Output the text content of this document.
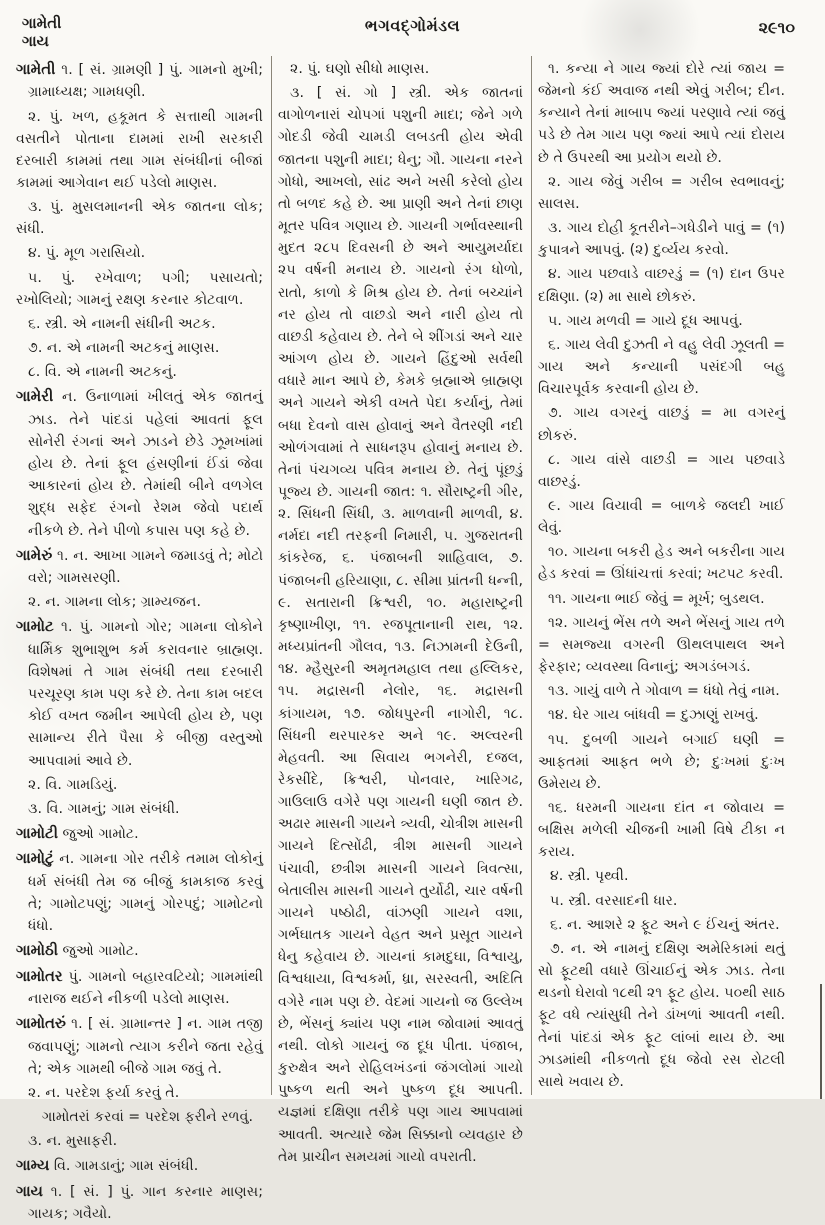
ગામેતી
ગાય
ભગવદ્ગોમંડલ	૨૯૧૦

ગામેતી ૧. [ સં. ગ્રામણી ] પું. ગામનો મુખી; ગ્રામાધ્યક્ષ; ગામધણી.

૨. પું. ખળ, હકૂમત કે સત્તાથી ગામની વસતીને પોતાના દામમાં રાખી સરકારી દરબારી કામમાં તથા ગામ સંબંધીનાં બીજાં કામમાં આગેવાન થઈ પડેલો માણસ.

૩. પું. મુસલમાનની એક જાતના લોક; સંધી.

૪. પું. મૂળ ગરાસિયો.

૫. પું. રખેવાળ; પગી; પસાયતો; રખોલિયો; ગામનું રક્ષણ કરનાર કોટવાળ.

૬. સ્ત્રી. એ નામની સંધીની અટક.

૭. ન. એ નામની અટકનું માણસ.

૮. વિ. એ નામની અટકનું.

ગામેરી ન. ઉનાળામાં ખીલતું એક જાતનું ઝાડ. તેને પાંદડાં પહેલાં આવતાં ફૂલ સોનેરી રંગનાં અને ઝાડને છેડે ઝૂમખાંમાં હોય છે. તેનાં ફૂલ હંસણીનાં ઈંડાં જેવા આકારનાં હોય છે. તેમાંથી બીને વળગેલ શુદ્ધ સફેદ રંગનો રેશમ જેવો પદાર્થ નીકળે છે. તેને પીળો કપાસ પણ કહે છે.

ગામેરું ૧. ન. આખા ગામને જમાડવું તે; મોટો વરો; ગામસરણી.

૨. ન. ગામના લોક; ગ્રામ્યજન.

ગામોટ ૧. પું. ગામનો ગોર; ગામના લોકોને ધાર્મિક શુભાશુભ કર્મ કરાવનાર બ્રાહ્મણ. વિશેષમાં તે ગામ સંબંધી તથા દરબારી પરચૂરણ કામ પણ કરે છે. તેના કામ બદલ કોઈ વખત જમીન આપેલી હોય છે, પણ સામાન્ય રીતે પૈસા કે બીજી વસ્તુઓ આપવામાં આવે છે.

૨. વિ. ગામડિયું.

૩. વિ. ગામનું; ગામ સંબંધી.

ગામોટી જુઓ ગામોટ.

ગામોટું ન. ગામના ગોર તરીકે તમામ લોકોનું ધર્મ સંબંધી તેમ જ બીજું કામકાજ કરવું તે; ગામોટપણું; ગામનું ગોરપદું; ગામોટનો ધંધો.

ગામોઠી જુઓ ગામોટ.

ગામોતર પું. ગામનો બહારવટિયો; ગામમાંથી નારાજ થઈને નીકળી પડેલો માણસ.

ગામોતરું ૧. [ સં. ગ્રામાન્તર ] ન. ગામ તજી જવાપણું; ગામનો ત્યાગ કરીને જતા રહેવું તે; એક ગામથી બીજે ગામ જવું તે.

૨. ન. પરદેશ ફર્યા કરવું તે.

ગામોતરાં કરવાં = પરદેશ ફરીને રળવું.

૩. ન. મુસાફરી.

ગામ્ય વિ. ગામડાનું; ગામ સંબંધી.

ગાય ૧. [ સં. ] પું. ગાન કરનાર માણસ; ગાયક; ગવૈયો.

૨. પું. ઘણો સીધો માણસ.

૩. [ સં. ગો ] સ્ત્રી. એક જાતનાં વાગોળનારાં ચોપગાં પશુની માદા; જેને ગળે ગોદડી જેવી ચામડી લબડતી હોય એવી જાતના પશુની માદા; ધેનુ; ગૌ. ગાયના નરને ગોધો, આખલો, સાંઢ અને ખસી કરેલો હોય તો બળદ કહે છે. આ પ્રાણી અને તેનાં છાણ મૂતર પવિત્ર ગણાય છે. ગાયની ગર્ભાવસ્થાની મુદત ૨૮૫ દિવસની છે અને આયુમર્યાદા ૨૫ વર્ષની મનાય છે. ગાયનો રંગ ધોળો, રાતો, કાળો કે મિશ્ર હોય છે. તેનાં બચ્ચાંને નર હોય તો વાછડો અને નારી હોય તો વાછડી કહેવાય છે. તેને બે શીંગડાં અને ચાર આંગળ હોય છે. ગાયને હિંદુઓ સર્વથી વધારે માન આપે છે, કેમકે બ્રહ્માએ બ્રાહ્મણ અને ગાયને એકી વખતે પેદા કર્યાનું, તેમાં બધા દેવનો વાસ હોવાનું અને વૈતરણી નદી ઓળંગવામાં તે સાધનરૂપ હોવાનું મનાય છે. તેનાં પંચગવ્ય પવિત્ર મનાય છે. તેનું પૂંછડું પૂજ્ય છે. ગાયની જાત: ૧. સૌરાષ્ટ્રની ગીર, ૨. સિંધની સિંધી, ૩. માળવાની માળવી, ૪. નર્મદા નદી તરફની નિમારી, ૫. ગુજરાતની કાંકરેજ, ૬. પંજાબની શાહિવાલ, ૭. પંજાબની હરિયાણા, ૮. સીમા પ્રાંતની ધન્ની, ૯. સતારાની ક્રિશ્વરી, ૧૦. મહારાષ્ટ્રની કૃષ્ણાખીણ, ૧૧. રજપૂતાનાની રાથ, ૧૨. મધ્યપ્રાંતની ગૌલવ, ૧૩. નિઝામની દેઉની, ૧૪. મ્હૈસુરની અમૃતમહાલ તથા હલ્લિકર, ૧૫. મદ્રાસની નેલોર, ૧૬. મદ્રાસની કાંગાયમ, ૧૭. જોધપુરની નાગોરી, ૧૮. સિંધની થરપારકર અને ૧૯. અલ્વરની મેહવતી. આ સિવાય ભગનેરી, દજલ, રેકસીંદે, ક્રિશ્વરી, પોનવાર, ખારિગઢ, ગાઉલાઉ વગેરે પણ ગાયની ઘણી જાત છે. અઢાર માસની ગાયને ત્ર્યવી, ચોત્રીશ માસની ગાયને દિત્સોંઢી, ત્રીશ માસની ગાયને પંચાવી, છત્રીશ માસની ગાયને ત્રિવત્સા, બેતાલીસ માસની ગાયને તુર્યોઢી, ચાર વર્ષની ગાયને પષ્ઠોઢી, વાંઝણી ગાયને વશા, ગર્ભઘાતક ગાયને વેહત અને પ્રસૂત ગાયને ધેનુ કહેવાય છે. ગાયનાં કામદુઘા, વિશ્વાયુ, વિશ્વધાયા, વિશ્વકર્મા, ધ્રા, સરસ્વતી, અદિતિ વગેરે નામ પણ છે. વેદમાં ગાયનો જ ઉલ્લેખ છે, ભેંસનું ક્યાંય પણ નામ જોવામાં આવતું નથી. લોકો ગાયનું જ દૂધ પીતા. પંજાબ, કુરુક્ષેત્ર અને રોહિલખંડનાં જંગલોમાં ગાયો પુષ્કળ થતી અને પુષ્કળ દૂધ આપતી. યજ્ઞમાં દક્ષિણા તરીકે પણ ગાય આપવામાં આવતી. અત્યારે જેમ સિક્કાનો વ્યવહાર છે તેમ પ્રાચીન સમયમાં ગાયો વપરાતી.

૧. કન્યા ને ગાય જ્યાં દોરે ત્યાં જાય = જેમનો કંઈ અવાજ નથી એવું ગરીબ; દીન. કન્યાને તેનાં માબાપ જ્યાં પરણાવે ત્યાં જવું પડે છે તેમ ગાય પણ જ્યાં આપે ત્યાં દોરાય છે તે ઉપરથી આ પ્રયોગ થયો છે.

૨. ગાય જેવું ગરીબ = ગરીબ સ્વભાવનું; સાલસ.

૩. ગાય દોહી કૂતરીને–ગધેડીને પાવું = (૧) કુપાત્રને આપવું. (૨) દુર્વ્યય કરવો.

૪. ગાય પછવાડે વાછરડું = (૧) દાન ઉપર દક્ષિણા. (૨) મા સાથે છોકરું.

૫. ગાય મળવી = ગાયે દૂધ આપવું.

૬. ગાય લેવી દુઝતી ને વહુ લેવી ઝૂલતી = ગાય અને કન્યાની પસંદગી બહુ વિચારપૂર્વક કરવાની હોય છે.

૭. ગાય વગરનું વાછડું = મા વગરનું છોકરું.

૮. ગાય વાંસે વાછડી = ગાય પછવાડે વાછરડું.

૯. ગાય વિયાવી = બાળકે જલદી ખાઈ લેવું.

૧૦. ગાયના બકરી હેડ અને બકરીના ગાય હેડ કરવાં = ઊંધાંચત્તાં કરવાં; ખટપટ કરવી.

૧૧. ગાયના ભાઈ જેવું = મૂર્ખ; બુડથલ.

૧૨. ગાયનું ભેંસ તળે અને ભેંસનું ગાય તળે = સમજ્યા વગરની ઊથલપાથલ અને ફેરફાર; વ્યવસ્થા વિનાનું; અગડંબગડં.

૧૩. ગાયું વાળે તે ગોવાળ = ધંધો તેવું નામ.

૧૪. ઘેર ગાય બાંધવી = દુઝાણું રાખવું.

૧૫. દુબળી ગાયને બગાઈ ઘણી = આફતમાં આફત ભળે છે; દુઃખમાં દુઃખ ઉમેરાય છે.

૧૬. ધરમની ગાયના દાંત ન જોવાય = બક્ષિસ મળેલી ચીજની ખામી વિષે ટીકા ન કરાય.

૪. સ્ત્રી. પૃથ્વી.

૫. સ્ત્રી. વરસાદની ધાર.

૬. ન. આશરે ૨ ફૂટ અને ૯ ઈંચનું અંતર.

૭. ન. એ નામનું દક્ષિણ અમેરિકામાં થતું સો ફૂટથી વધારે ઊંચાઈનું એક ઝાડ. તેના થડનો ઘેરાવો ૧૮થી ૨૧ ફૂટ હોય. ૫૦થી સાઠ ફૂટ વધે ત્યાંસુધી તેને ડાંખળાં આવતી નથી. તેનાં પાંદડાં એક ફૂટ લાંબાં થાય છે. આ ઝાડમાંથી નીકળતો દૂધ જેવો રસ રોટલી સાથે ખવાય છે.
